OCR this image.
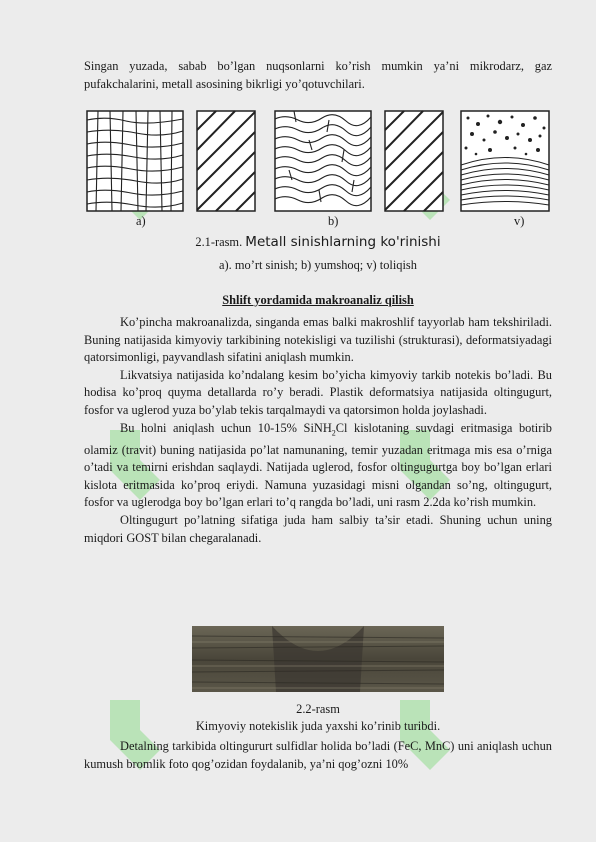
Singan yuzada, sabab bo’lgan nuqsonlarni ko’rish mumkin ya’ni mikrodarz, gaz pufakchalarini, metall asosining bikrligi yo’qotuvchilari.

a)	b)	v)
2.1-rasm. Metall sinishlarning ko'rinishi
a). mo’rt sinish; b) yumshoq; v) toliqish
Shlift yordamida makroanaliz qilish

Ko’pincha makroanalizda, singanda emas balki makroshlif tayyorlab ham tekshiriladi. Buning natijasida kimyoviy tarkibining notekisligi va tuzilishi (strukturasi), deformatsiyadagi qatorsimonligi, payvandlash sifatini aniqlash mumkin.

Likvatsiya natijasida ko’ndalang kesim bo’yicha kimyoviy tarkib notekis bo’ladi. Bu hodisa ko’proq quyma detallarda ro’y beradi. Plastik deformatsiya natijasida oltingugurt, fosfor va uglerod yuza bo’ylab tekis tarqalmaydi va qatorsimon holda joylashadi.

Bu holni aniqlash uchun 10-15% SiNH$_2$Cl kislotaning suvdagi eritmasiga botirib olamiz (travit) buning natijasida po’lat namunaning, temir yuzadan eritmaga mis esa o’rniga o’tadi va temirni erishdan saqlaydi. Natijada uglerod, fosfor oltingugurtga boy bo’lgan erlari kislota eritmasida ko’proq eriydi. Namuna yuzasidagi misni olgandan so’ng, oltingugurt, fosfor va uglerodga boy bo’lgan erlari to’q rangda bo’ladi, uni rasm 2.2da ko’rish mumkin.

Oltingugurt po’latning sifatiga juda ham salbiy ta’sir etadi. Shuning uchun uning miqdori GOST bilan chegaralanadi.

2.2-rasm
Kimyoviy notekislik juda yaxshi ko’rinib turibdi.

Detalning tarkibida oltingururt sulfidlar holida bo’ladi (FeC, MnC) uni aniqlash uchun kumush bromlik foto qog’ozidan foydalanib, ya’ni qog’ozni 10%
